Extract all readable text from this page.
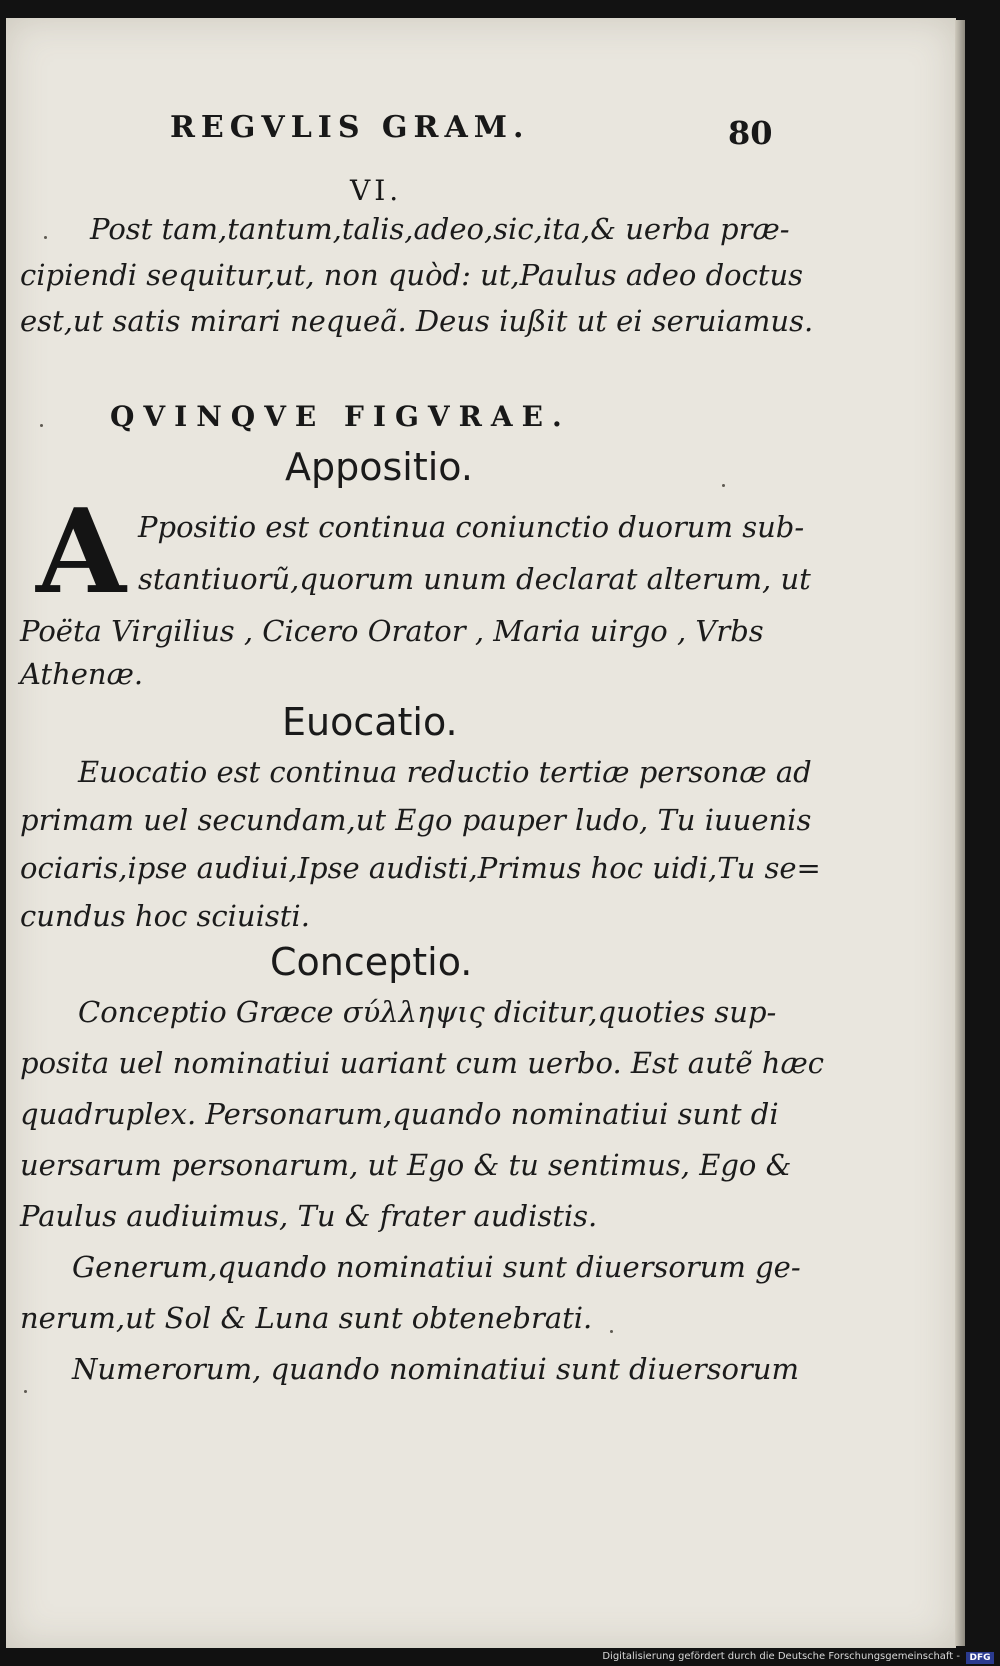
REGVLIS GRAM.	80

VI.

Post tam,tantum,talis,adeo,sic,ita,& uerba præ-

cipiendi sequitur,ut, non quòd: ut,Paulus adeo doctus

est,ut satis mirari nequeã. Deus iußit ut ei seruiamus.

QVINQVE FIGVRAE.

Appositio.

A Ppositio est continua coniunctio duorum sub-

stantiuorũ,quorum unum declarat alterum, ut

Poëta Virgilius , Cicero Orator , Maria uirgo , Vrbs

Athenæ.

Euocatio.

Euocatio est continua reductio tertiæ personæ ad

primam uel secundam,ut Ego pauper ludo, Tu iuuenis

ociaris,ipse audiui,Ipse audisti,Primus hoc uidi,Tu se=

cundus hoc sciuisti.

Conceptio.

Conceptio Græce σύλληψις dicitur,quoties sup-

posita uel nominatiui uariant cum uerbo. Est autẽ hæc

quadruplex. Personarum,quando nominatiui sunt di

uersarum personarum, ut Ego & tu sentimus, Ego &

Paulus audiuimus, Tu & frater audistis.

Generum,quando nominatiui sunt diuersorum ge-

nerum,ut Sol & Luna sunt obtenebrati.

Numerorum, quando nominatiui sunt diuersorum

Digitalisierung gefördert durch die Deutsche Forschungsgemeinschaft -	DFG
